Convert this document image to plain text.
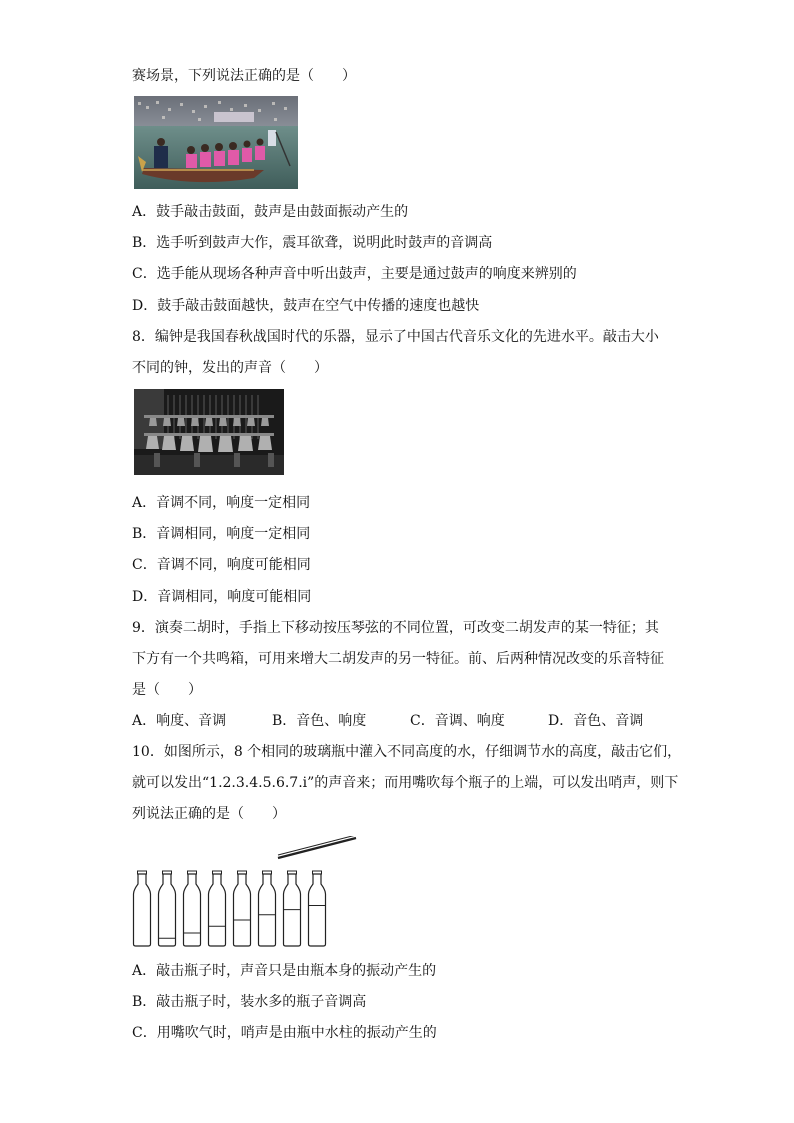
赛场景，下列说法正确的是（　　）
A．鼓手敲击鼓面，鼓声是由鼓面振动产生的
B．选手听到鼓声大作，震耳欲聋，说明此时鼓声的音调高
C．选手能从现场各种声音中听出鼓声，主要是通过鼓声的响度来辨别的
D．鼓手敲击鼓面越快，鼓声在空气中传播的速度也越快
8．编钟是我国春秋战国时代的乐器，显示了中国古代音乐文化的先进水平。敲击大小
不同的钟，发出的声音（　　）
A．音调不同，响度一定相同
B．音调相同，响度一定相同
C．音调不同，响度可能相同
D．音调相同，响度可能相同
9．演奏二胡时，手指上下移动按压琴弦的不同位置，可改变二胡发声的某一特征；其
下方有一个共鸣箱，可用来增大二胡发声的另一特征。前、后两种情况改变的乐音特征
是（　　）
A．响度、音调	B．音色、响度	C．音调、响度	D．音色、音调
10．如图所示，8 个相同的玻璃瓶中灌入不同高度的水，仔细调节水的高度，敲击它们，
就可以发出“1.2.3.4.5.6.7.i”的声音来；而用嘴吹每个瓶子的上端，可以发出哨声，则下
列说法正确的是（　　）
A．敲击瓶子时，声音只是由瓶本身的振动产生的
B．敲击瓶子时，装水多的瓶子音调高
C．用嘴吹气时，哨声是由瓶中水柱的振动产生的
